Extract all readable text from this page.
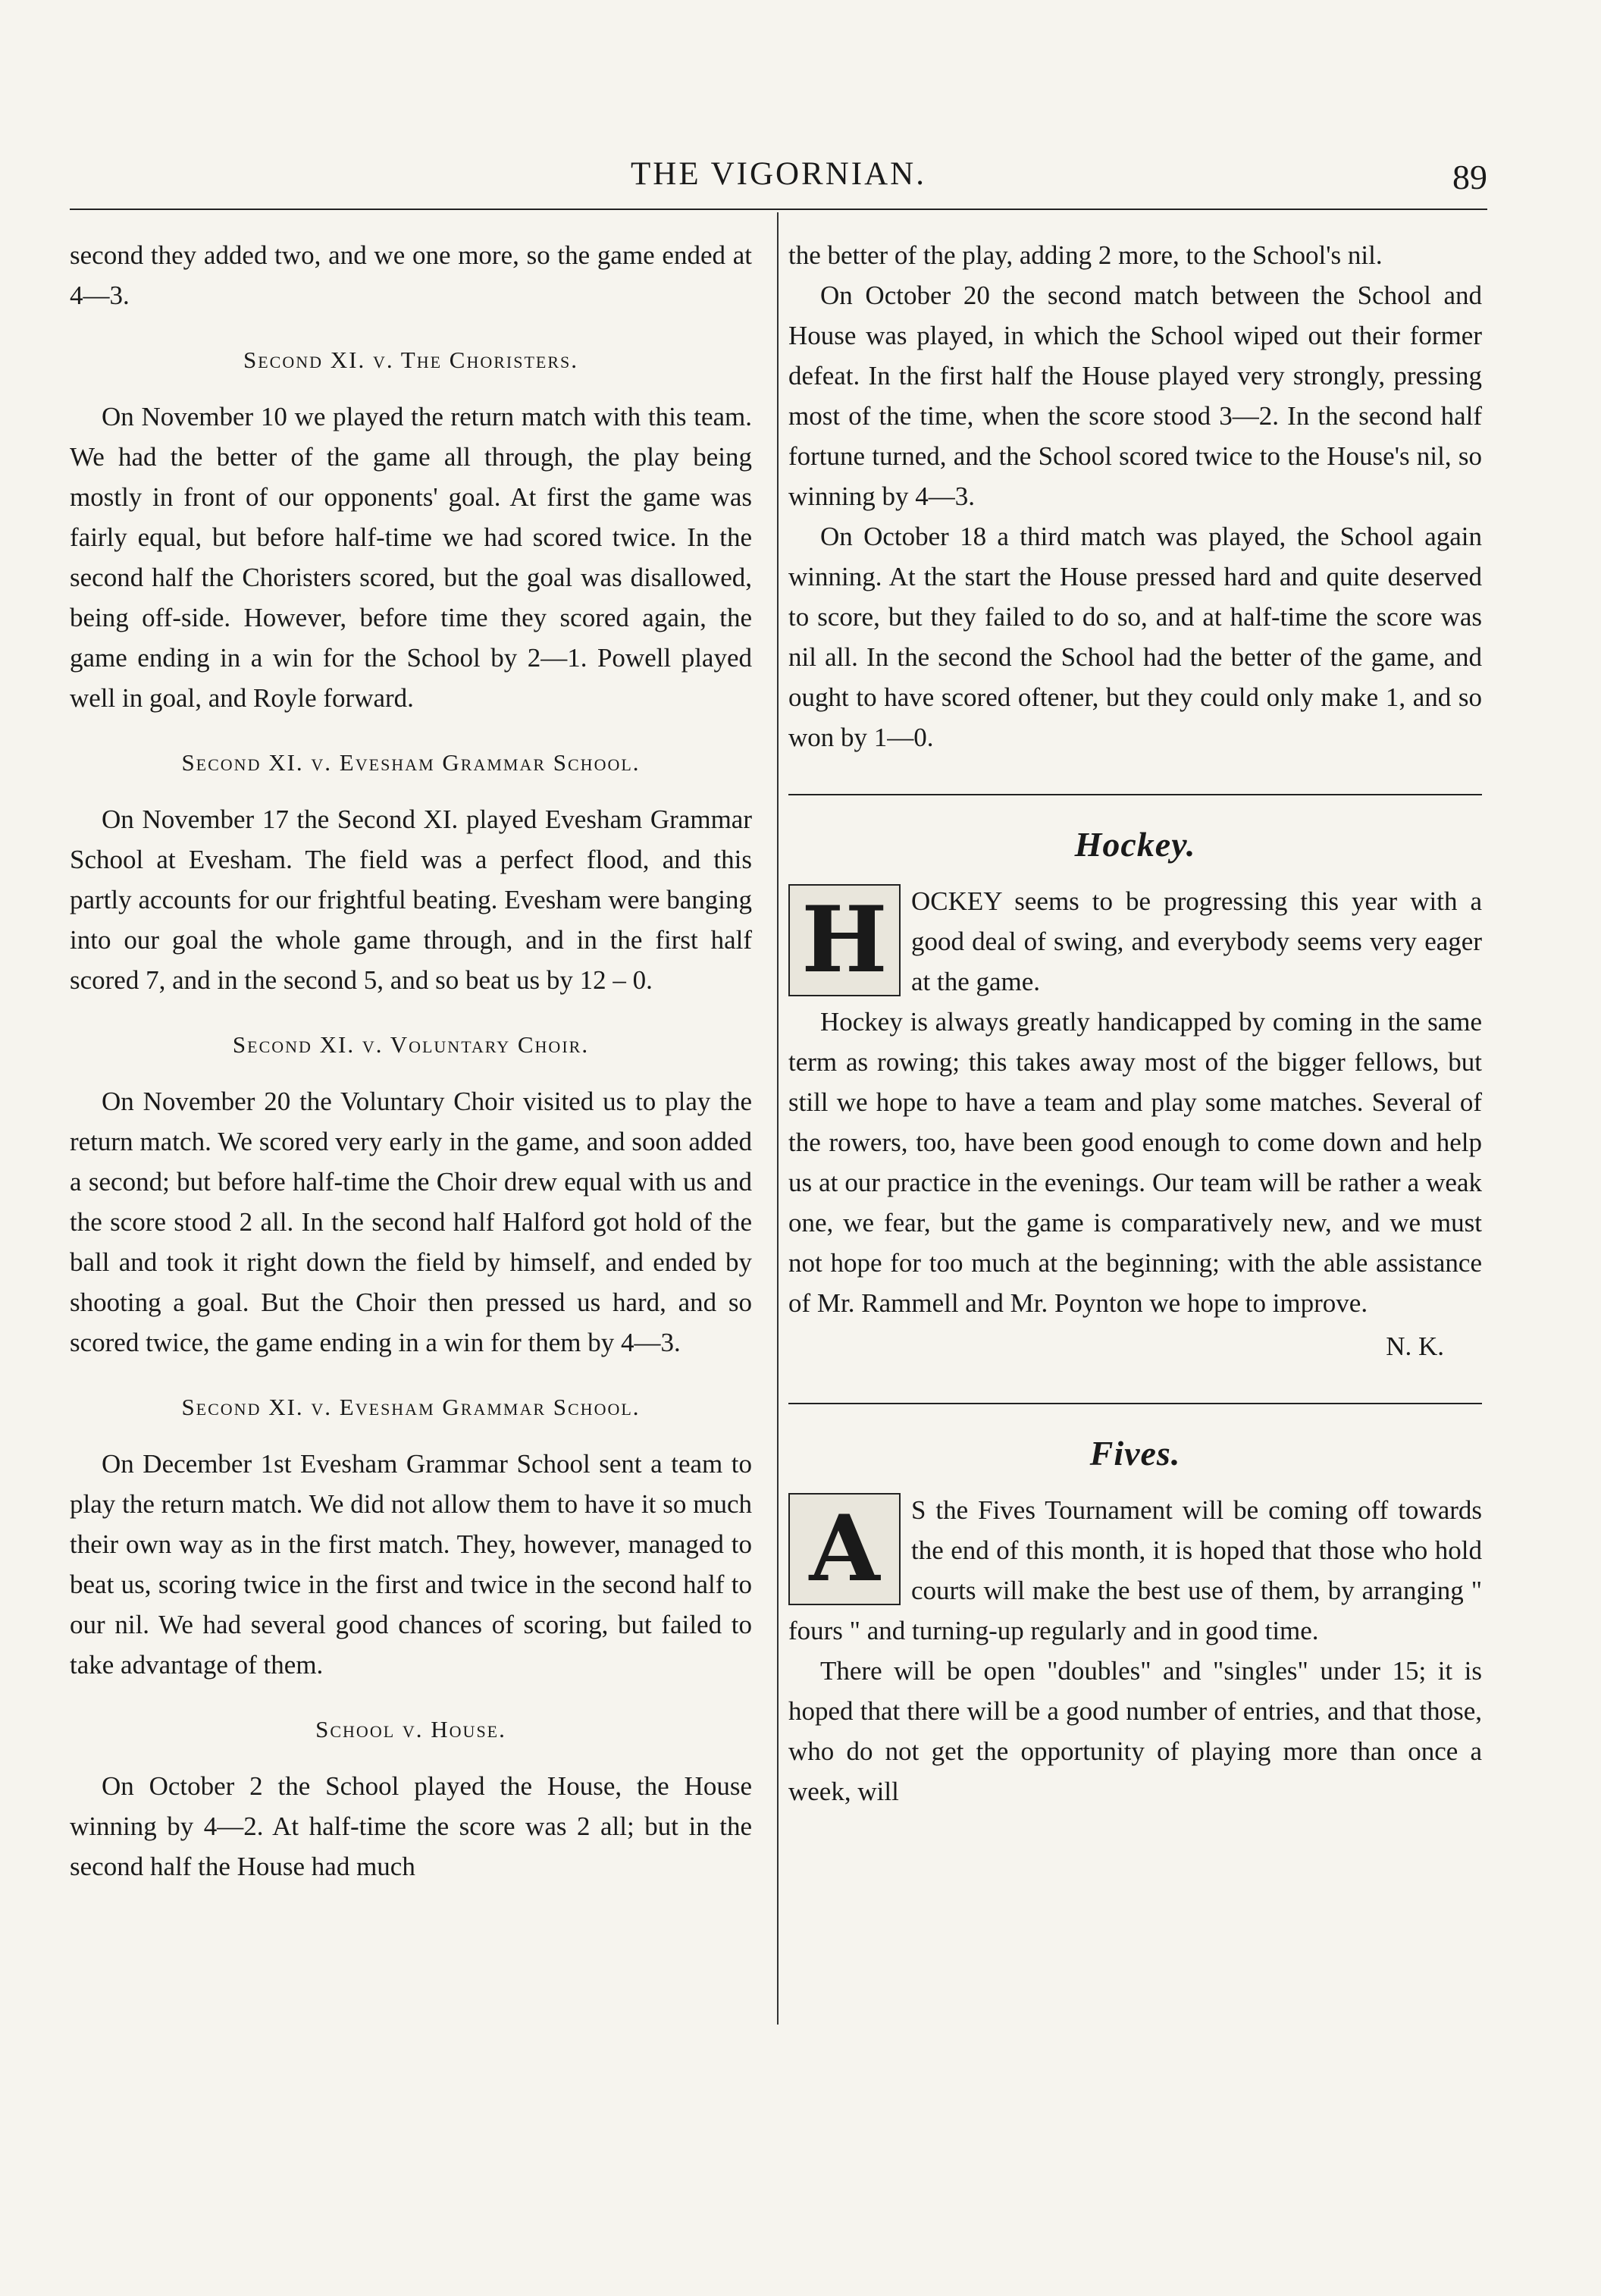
THE VIGORNIAN.	89

second they added two, and we one more, so the game ended at 4—3.

Second XI. v. The Choristers.

On November 10 we played the return match with this team. We had the better of the game all through, the play being mostly in front of our opponents' goal. At first the game was fairly equal, but before half-time we had scored twice. In the second half the Choristers scored, but the goal was disallowed, being off-side. However, before time they scored again, the game ending in a win for the School by 2—1. Powell played well in goal, and Royle forward.

Second XI. v. Evesham Grammar School.

On November 17 the Second XI. played Evesham Grammar School at Evesham. The field was a perfect flood, and this partly accounts for our frightful beating. Evesham were banging into our goal the whole game through, and in the first half scored 7, and in the second 5, and so beat us by 12 – 0.

Second XI. v. Voluntary Choir.

On November 20 the Voluntary Choir visited us to play the return match. We scored very early in the game, and soon added a second; but before half-time the Choir drew equal with us and the score stood 2 all. In the second half Halford got hold of the ball and took it right down the field by himself, and ended by shooting a goal. But the Choir then pressed us hard, and so scored twice, the game ending in a win for them by 4—3.

Second XI. v. Evesham Grammar School.

On December 1st Evesham Grammar School sent a team to play the return match. We did not allow them to have it so much their own way as in the first match. They, however, managed to beat us, scoring twice in the first and twice in the second half to our nil. We had several good chances of scoring, but failed to take advantage of them.

School v. House.

On October 2 the School played the House, the House winning by 4—2. At half-time the score was 2 all; but in the second half the House had much

the better of the play, adding 2 more, to the School's nil.

On October 20 the second match between the School and House was played, in which the School wiped out their former defeat. In the first half the House played very strongly, pressing most of the time, when the score stood 3—2. In the second half fortune turned, and the School scored twice to the House's nil, so winning by 4—3.

On October 18 a third match was played, the School again winning. At the start the House pressed hard and quite deserved to score, but they failed to do so, and at half-time the score was nil all. In the second the School had the better of the game, and ought to have scored oftener, but they could only make 1, and so won by 1—0.

Hockey.
H OCKEY seems to be progressing this year with a good deal of swing, and everybody seems very eager at the game.

Hockey is always greatly handicapped by coming in the same term as rowing; this takes away most of the bigger fellows, but still we hope to have a team and play some matches. Several of the rowers, too, have been good enough to come down and help us at our practice in the evenings. Our team will be rather a weak one, we fear, but the game is comparatively new, and we must not hope for too much at the beginning; with the able assistance of Mr. Rammell and Mr. Poynton we hope to improve.

N. K.
Fives.
A	S the Fives Tournament will be coming off towards the end of this month, it is hoped that those who hold courts will make the best use of them, by arranging " fours " and turning-up regularly and in good time.

There will be open "doubles" and "singles" under 15; it is hoped that there will be a good number of entries, and that those, who do not get the opportunity of playing more than once a week, will
